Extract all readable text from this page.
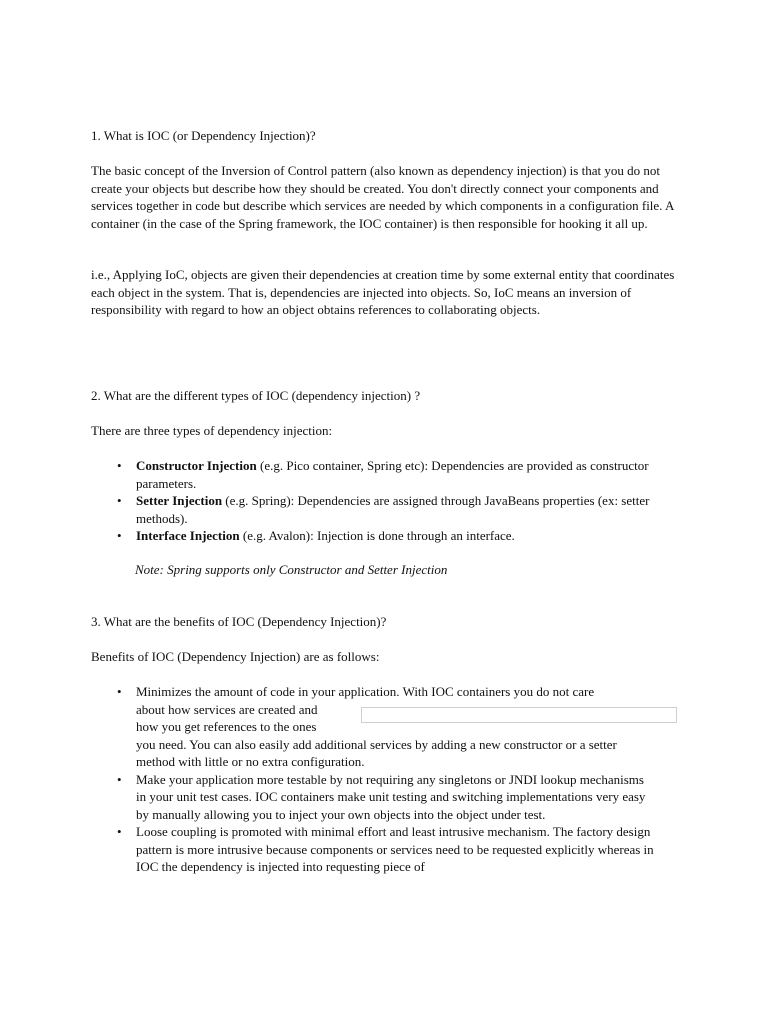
1. What is IOC (or Dependency Injection)?

The basic concept of the Inversion of Control pattern (also known as dependency injection) is that you do not create your objects but describe how they should be created. You don't directly connect your components and services together in code but describe which services are needed by which components in a configuration file. A container (in the case of the Spring framework, the IOC container) is then responsible for hooking it all up.

i.e., Applying IoC, objects are given their dependencies at creation time by some external entity that coordinates each object in the system. That is, dependencies are injected into objects. So, IoC means an inversion of responsibility with regard to how an object obtains references to collaborating objects.

2. What are the different types of IOC (dependency injection) ?

There are three types of dependency injection:

• Constructor Injection (e.g. Pico container, Spring etc): Dependencies are provided as constructor parameters.
• Setter Injection (e.g. Spring): Dependencies are assigned through JavaBeans properties (ex: setter methods).
• Interface Injection (e.g. Avalon): Injection is done through an interface.

Note: Spring supports only Constructor and Setter Injection

3. What are the benefits of IOC (Dependency Injection)?

Benefits of IOC (Dependency Injection) are as follows:

• Minimizes the amount of code in your application. With IOC containers you do not care
about how services are created and
how you get references to the ones
you need. You can also easily add additional services by adding a new constructor or a setter method with little or no extra configuration.
• Make your application more testable by not requiring any singletons or JNDI lookup mechanisms in your unit test cases. IOC containers make unit testing and switching implementations very easy by manually allowing you to inject your own objects into the object under test.
• Loose coupling is promoted with minimal effort and least intrusive mechanism. The factory design pattern is more intrusive because components or services need to be requested explicitly whereas in IOC the dependency is injected into requesting piece of
